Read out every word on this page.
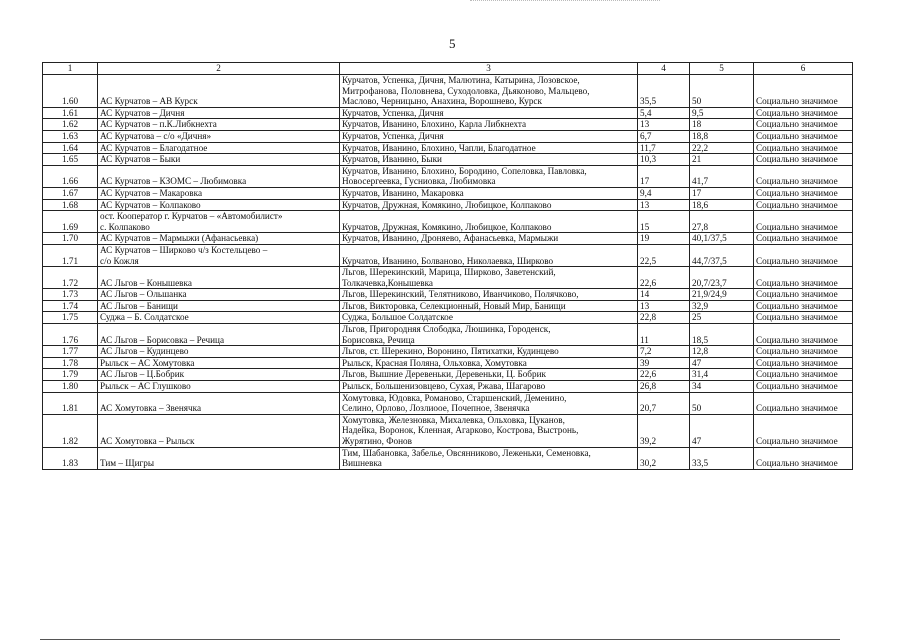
5
1	2	3	4	5	6
1.60	АС Курчатов – АВ Курск	Курчатов, Успенка, Дичня, Малютина, Катырина, Лозовское,
Митрофанова, Половнева, Суходоловка, Дьяконово, Мальцево,
Маслово, Черницыно, Анахина, Ворошнево, Курск	35,5	50	Социально значимое
1.61	АС Курчатов – Дичня	Курчатов, Успенка, Дичня	5,4	9,5	Социально значимое
1.62	АС Курчатов – п.К.Либкнехта	Курчатов, Иванино, Блохино, Карла Либкнехта	13	18	Социально значимое
1.63	АС Курчатова – с/о «Дичня»	Курчатов, Успенка, Дичня	6,7	18,8	Социально значимое
1.64	АС Курчатов – Благодатное	Курчатов, Иванино, Блохино, Чапли, Благодатное	11,7	22,2	Социально значимое
1.65	АС Курчатов – Быки	Курчатов, Иванино, Быки	10,3	21	Социально значимое
1.66	АС Курчатов – КЗОМС – Любимовка	Курчатов, Иванино, Блохино, Бородино, Сопеловка, Павловка,
Новосергеевка, Гусниовка, Любимовка	17	41,7	Социально значимое
1.67	АС Курчатов – Макаровка	Курчатов, Иванино, Макаровка	9,4	17	Социально значимое
1.68	АС Курчатов – Колпаково	Курчатов, Дружная, Комякино, Любицкое, Колпаково	13	18,6	Социально значимое
1.69	ост. Кооператор г. Курчатов – «Автомобилист»
с. Колпаково	Курчатов, Дружная, Комякино, Любицкое, Колпаково	15	27,8	Социально значимое
1.70	АС Курчатов – Мармыжи (Афанасьевка)	Курчатов, Иванино, Дроняево, Афанасьевка, Мармыжи	19	40,1/37,5	Социально значимое
1.71	АС Курчатов – Ширково ч/з Костельцево –
с/о Кожля	Курчатов, Иванино, Болваново, Николаевка, Ширково	22,5	44,7/37,5	Социально значимое
1.72	АС Льгов – Конышевка	Льгов, Шерекинский, Марица, Ширково, Заветенский,
Толкачевка,Конышевка	22,6	20,7/23,7	Социально значимое
1.73	АС Льгов – Ольшанка	Льгов, Шерекинский, Телятниково, Иванчиково, Полячково,	14	21,9/24,9	Социально значимое
1.74	АС Льгов – Банищи	Льгов, Викторовка, Селекционный, Новый Мир, Банищи	13	32,9	Социально значимое
1.75	Суджа – Б. Солдатское	Суджа, Большое Солдатское	22,8	25	Социально значимое
1.76	АС Льгов – Борисовка – Речица	Льгов, Пригородняя Слободка, Люшинка, Городенск,
Борисовка, Речица	11	18,5	Социально значимое
1.77	АС Льгов – Кудинцево	Льгов, ст. Шерекино, Воронино, Пятихатки, Кудинцево	7,2	12,8	Социально значимое
1.78	Рыльск – АС Хомутовка	Рыльск, Красная Поляна, Ольховка, Хомутовка	39	47	Социально значимое
1.79	АС Льгов – Ц.Бобрик	Льгов, Вышние Деревеньки, Деревеньки, Ц. Бобрик	22,6	31,4	Социально значимое
1.80	Рыльск – АС Глушково	Рыльск, Большенизовцево, Сухая, Ржава, Шагарово	26,8	34	Социально значимое
1.81	АС Хомутовка – Звенячка	Хомутовка, Юдовка, Романово, Старшенский, Деменино,
Селино, Орлово, Лозлиоое, Почепное, Звенячка	20,7	50	Социально значимое
1.82	АС Хомутовка – Рыльск	Хомутовка, Железновка, Михалевка, Ольховка, Цуканов,
Надейка, Воронок, Кленная, Агарково, Кострова, Выстронь,
Журятино, Фонов	39,2	47	Социально значимое
1.83	Тим – Щигры	Тим, Шабановка, Забелье, Овсянниково, Леженьки, Семеновка,
Вишневка	30,2	33,5	Социально значимое
